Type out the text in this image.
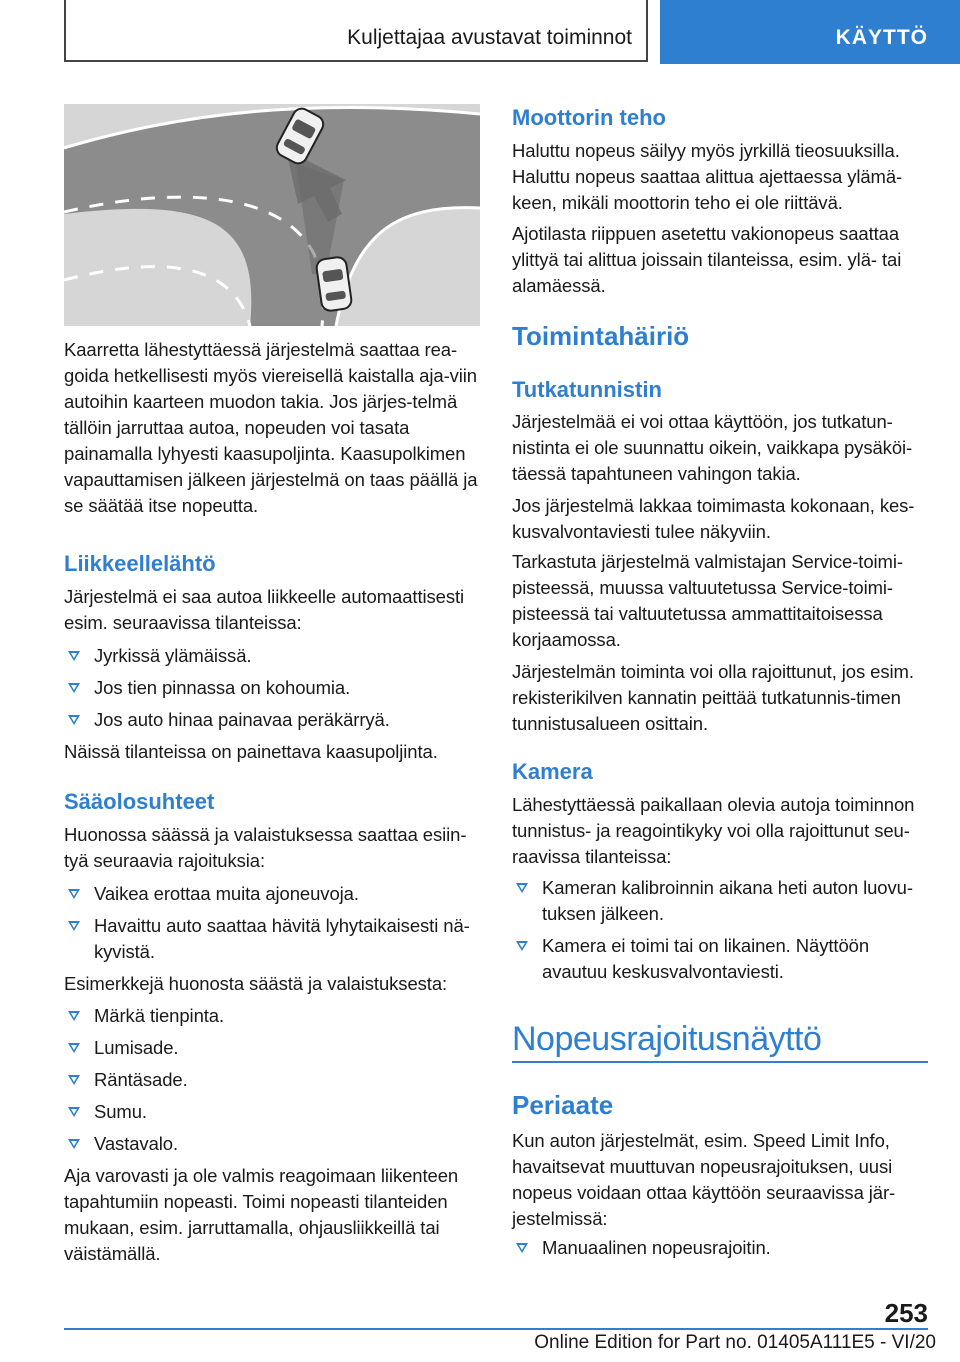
Kuljettajaa avustavat toiminnot	KÄYTTÖ

Kaarretta lähestyttäessä järjestelmä saattaa rea-goida hetkellisesti myös viereisellä kaistalla aja-viin autoihin kaarteen muodon takia. Jos järjes-telmä tällöin jarruttaa autoa, nopeuden voi tasata painamalla lyhyesti kaasupoljinta. Kaasupolkimen vapauttamisen jälkeen järjestelmä on taas päällä ja se säätää itse nopeutta.

Liikkeellelähtö

Järjestelmä ei saa autoa liikkeelle automaattisesti esim. seuraavissa tilanteissa:

Jyrkissä ylämäissä.
Jos tien pinnassa on kohoumia.
Jos auto hinaa painavaa peräkärryä.

Näissä tilanteissa on painettava kaasupoljinta.

Sääolosuhteet

Huonossa säässä ja valaistuksessa saattaa esiin-tyä seuraavia rajoituksia:

Vaikea erottaa muita ajoneuvoja.
Havaittu auto saattaa hävitä lyhytaikaisesti nä-kyvistä.

Esimerkkejä huonosta säästä ja valaistuksesta:

Märkä tienpinta.
Lumisade.
Räntäsade.
Sumu.
Vastavalo.

Aja varovasti ja ole valmis reagoimaan liikenteen tapahtumiin nopeasti. Toimi nopeasti tilanteiden mukaan, esim. jarruttamalla, ohjausliikkeillä tai väistämällä.

Moottorin teho

Haluttu nopeus säilyy myös jyrkillä tieosuuksilla. Haluttu nopeus saattaa alittua ajettaessa ylämä-keen, mikäli moottorin teho ei ole riittävä.

Ajotilasta riippuen asetettu vakionopeus saattaa ylittyä tai alittua joissain tilanteissa, esim. ylä- tai alamäessä.

Toimintahäiriö
Tutkatunnistin

Järjestelmää ei voi ottaa käyttöön, jos tutkatun-nistinta ei ole suunnattu oikein, vaikkapa pysäköi-täessä tapahtuneen vahingon takia.

Jos järjestelmä lakkaa toimimasta kokonaan, kes-kusvalvontaviesti tulee näkyviin.

Tarkastuta järjestelmä valmistajan Service-toimi-pisteessä, muussa valtuutetussa Service-toimi-pisteessä tai valtuutetussa ammattitaitoisessa korjaamossa.

Järjestelmän toiminta voi olla rajoittunut, jos esim. rekisterikilven kannatin peittää tutkatunnis-timen tunnistusalueen osittain.

Kamera

Lähestyttäessä paikallaan olevia autoja toiminnon tunnistus- ja reagointikyky voi olla rajoittunut seu-raavissa tilanteissa:

Kameran kalibroinnin aikana heti auton luovu-tuksen jälkeen.
Kamera ei toimi tai on likainen. Näyttöön avautuu keskusvalvontaviesti.
Nopeusrajoitusnäyttö
Periaate

Kun auton järjestelmät, esim. Speed Limit Info, havaitsevat muuttuvan nopeusrajoituksen, uusi nopeus voidaan ottaa käyttöön seuraavissa jär-jestelmissä:

Manuaalinen nopeusrajoitin.
253
Online Edition for Part no. 01405A111E5 - VI/20
